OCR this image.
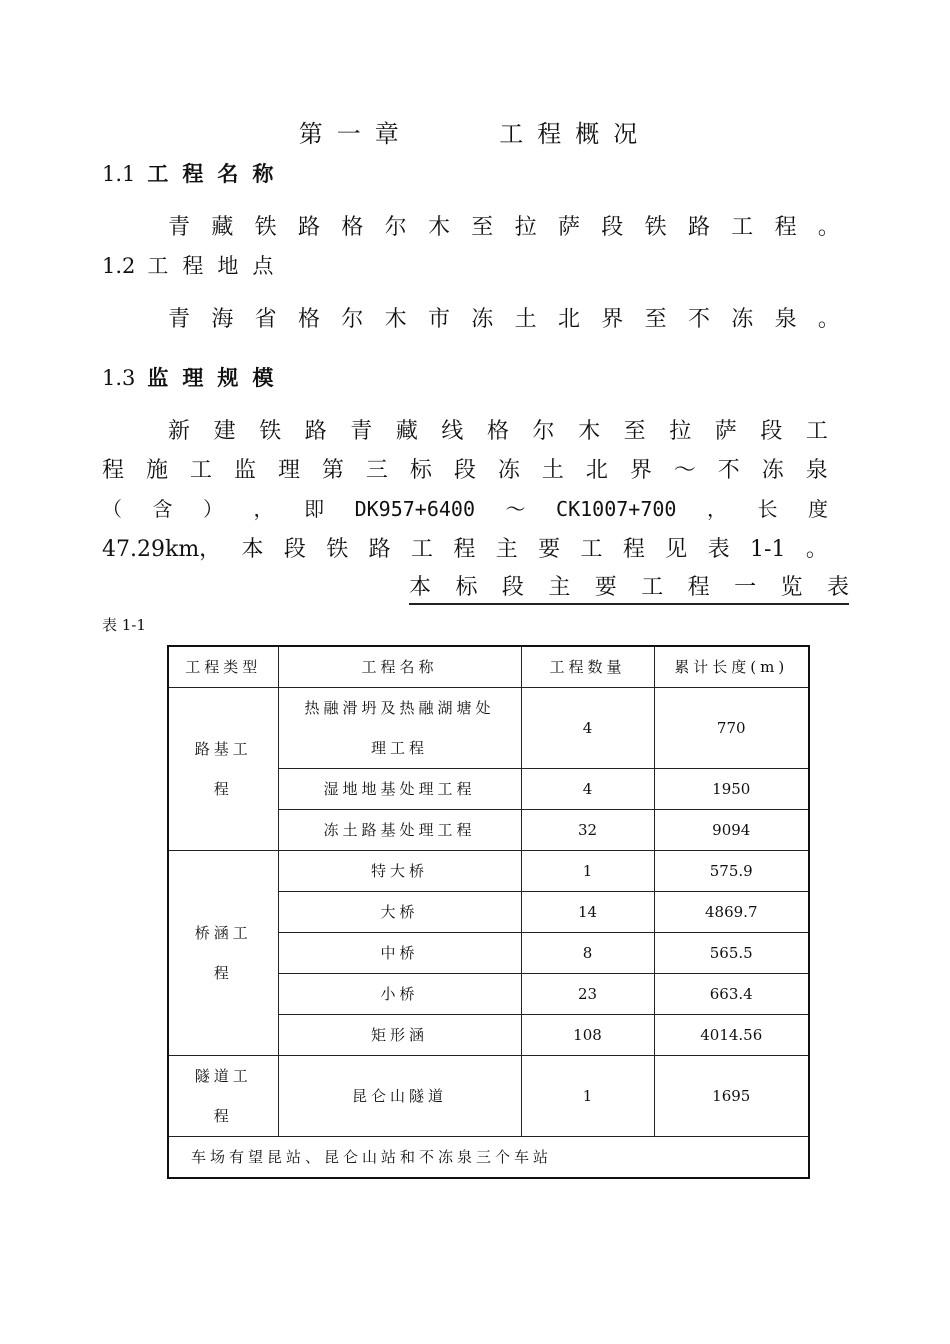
第一章    工程概况
1.1 工程名称
青 藏 铁 路 格 尔 木 至 拉 萨 段 铁 路 工 程 。
1.2 工程地点
青 海 省 格 尔 木 市 冻 土 北 界 至 不 冻 泉 。
1.3 监理规模
新 建 铁 路 青 藏 线 格 尔 木 至 拉 萨 段 工
程 施 工 监 理 第 三 标 段 冻 土 北 界 ～ 不 冻 泉
（ 含 ） ， 即 DK957+6400 ～ CK1007+700 ， 长 度
47.29km， 本 段 铁 路 工 程 主 要 工 程 见 表 1-1 。
本 标 段 主 要 工 程 一 览 表
表 1-1
工程类型	工程名称	工程数量	累计长度(m)
路基工程	热融滑坍及热融湖塘处理工程	4	770
	湿地地基处理工程	4	1950
	冻土路基处理工程	32	9094
桥涵工程	特大桥	1	575.9
	大桥	14	4869.7
	中桥	8	565.5
	小桥	23	663.4
	矩形涵	108	4014.56
隧道工程	昆仑山隧道	1	1695
车场有望昆站、昆仑山站和不冻泉三个车站			
